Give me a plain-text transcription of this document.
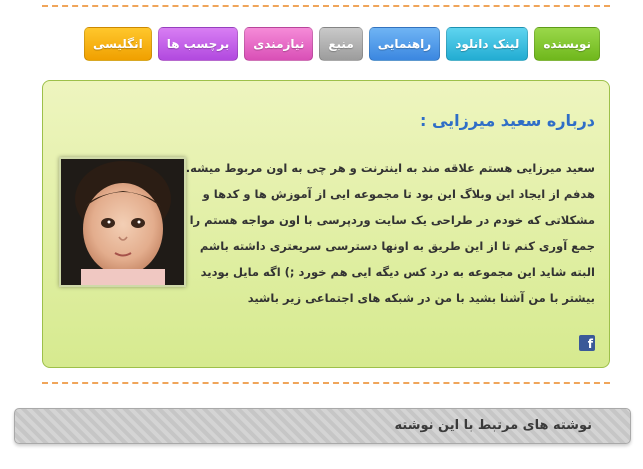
نویسنده
لینک دانلود
راهنمایی
منبع
نیازمندی
برچسب ها
انگلیسی
درباره سعید میرزایی :
سعید میرزایی هستم علاقه مند به اینترنت و هر چی به اون مربوط میشه.
هدفم از ایجاد این وبلاگ این بود تا مجموعه ایی از آموزش ها و کدها و
مشکلاتی که خودم در طراحی یک سایت وردپرسی با اون مواجه هستم را
جمع آوری کنم تا از این طریق به اونها دسترسی سریعتری داشته باشم
البته شاید این مجموعه به درد کس دیگه ایی هم خورد ;) اگه مایل بودید
بیشتر با من آشنا بشید با من در شبکه های اجتماعی زیر باشید
f
نوشته های مرتبط با این نوشته
